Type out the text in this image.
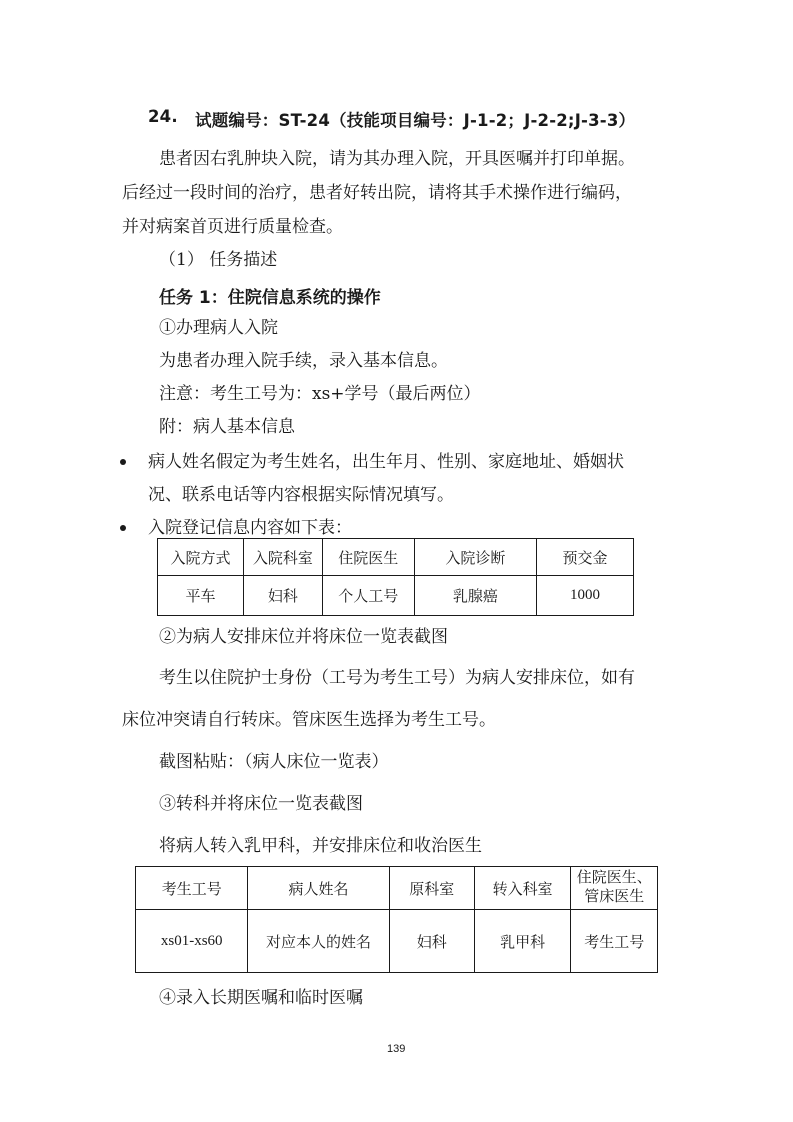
24. 试题编号：ST-24（技能项目编号：J-1-2；J-2-2;J-3-3）
患者因右乳肿块入院，请为其办理入院，开具医嘱并打印单据。
后经过一段时间的治疗，患者好转出院，请将其手术操作进行编码，
并对病案首页进行质量检查。
（1） 任务描述
任务 1：住院信息系统的操作
①办理病人入院
为患者办理入院手续，录入基本信息。
注意：考生工号为：xs+学号（最后两位）
附：病人基本信息
病人姓名假定为考生姓名，出生年月、性别、家庭地址、婚姻状
况、联系电话等内容根据实际情况填写。
入院登记信息内容如下表：
入院方式	入院科室	住院医生	入院诊断	预交金
平车	妇科	个人工号	乳腺癌	1000
②为病人安排床位并将床位一览表截图
考生以住院护士身份（工号为考生工号）为病人安排床位，如有
床位冲突请自行转床。管床医生选择为考生工号。
截图粘贴：（病人床位一览表）
③转科并将床位一览表截图
将病人转入乳甲科，并安排床位和收治医生
考生工号	病人姓名	原科室	转入科室	住院医生、
管床医生

xs01-xs60	对应本人的姓名	妇科	乳甲科	考生工号
④录入长期医嘱和临时医嘱
139
